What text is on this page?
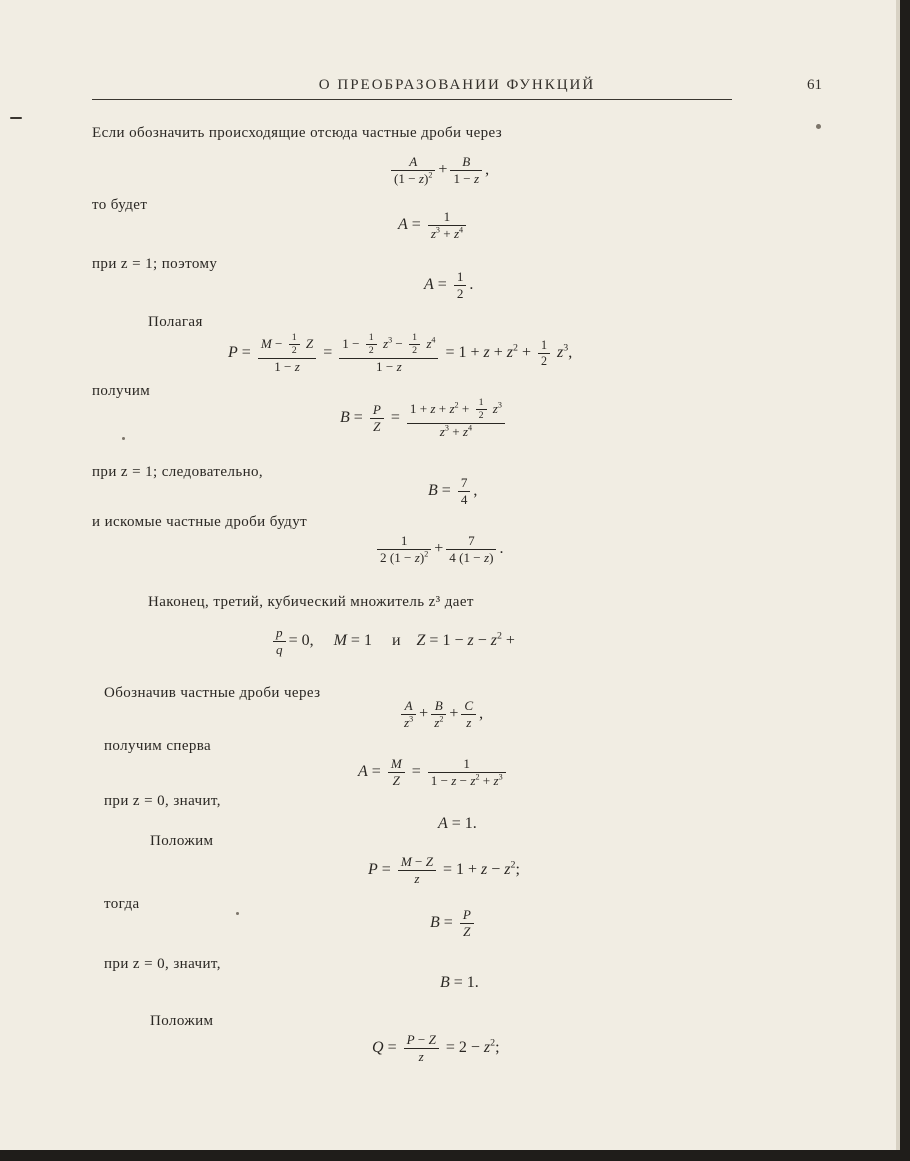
О ПРЕОБРАЗОВАНИИ ФУНКЦИЙ	61
Если обозначить происходящие отсюда частные дроби через
$\frac{A}{(1 - z)^2} + \frac{B}{1 - z}$ ,
то будет
$A = \frac{1}{z^3 + z^4}$
при z = 1; поэтому
$A = \frac{1}{2}$ .
Полагая
$P = \frac{M - \frac{1}{2} Z}{1 - z} = \frac{1 - \frac{1}{2} z^3 - \frac{1}{2} z^4}{1 - z} = 1 + z + z^2 + \frac{1}{2} z^3$,
получим
$B = \frac{P}{Z} = \frac{1 + z + z^2 + \frac{1}{2} z^3}{z^3 + z^4}$
при z = 1; следовательно,
$B = \frac{7}{4}$ ,
и искомые частные дроби будут
$\frac{1}{2 (1 - z)^2} + \frac{7}{4 (1 - z)}$ .
Наконец, третий, кубический множитель z³ дает
$\frac{p}{q} = 0$,     M = 1     и    $Z = 1 - z - z^2$ +
Обозначив частные дроби через
$\frac{A}{z^3} + \frac{B}{z^2} + \frac{C}{z}$ ,
получим сперва
$A = \frac{M}{Z} = \frac{1}{1 - z - z^2 + z^3}$
при z = 0, значит,
A = 1.
Положим
$P = \frac{M - Z}{z} = 1 + z - z^2$;
тогда
$B = \frac{P}{Z}$
при z = 0, значит,
B = 1.
Положим
$Q = \frac{P - Z}{z} = 2 - z^2$;
